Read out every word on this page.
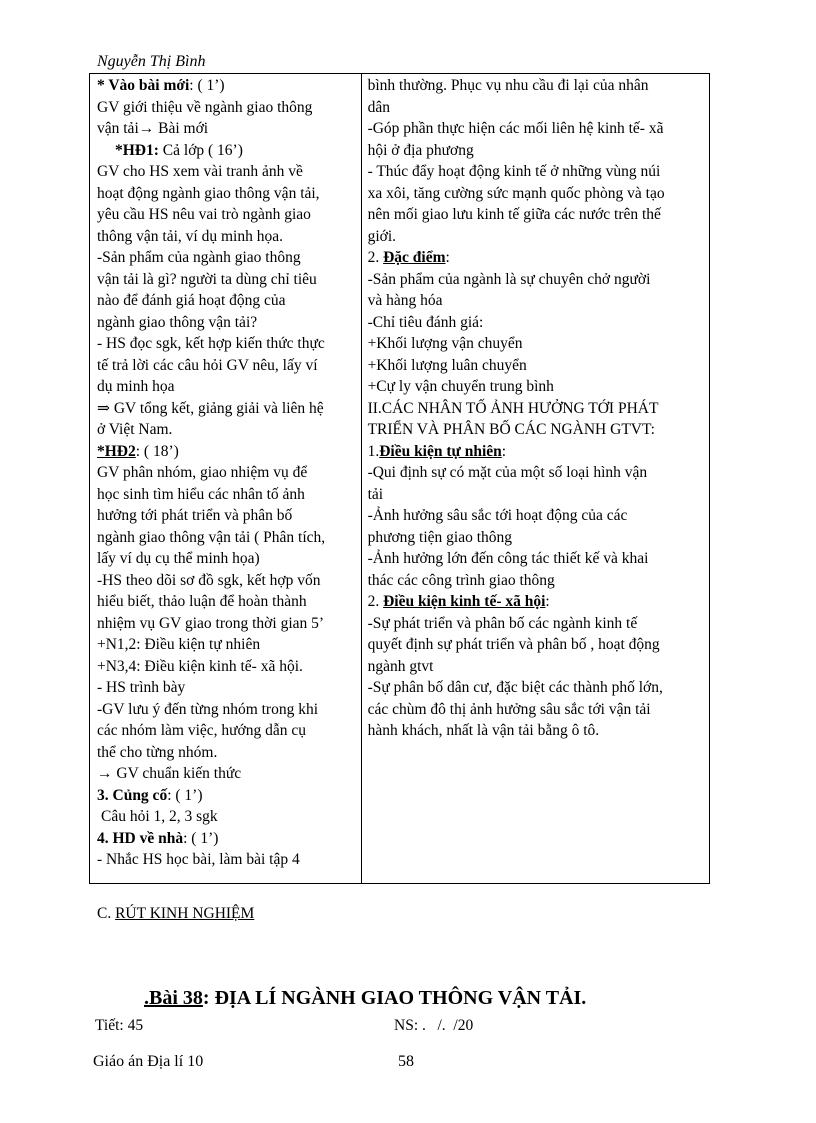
Nguyễn Thị Bình
* Vào bài mới: ( 1’)
GV giới thiệu về ngành giao thông
vận tải→ Bài mới
*HĐ1: Cả lớp ( 16’)
GV cho HS xem vài tranh ảnh về
hoạt động ngành giao thông vận tải,
yêu cầu HS nêu vai trò ngành giao
thông vận tải, ví dụ minh họa.
-Sản phẩm của ngành giao thông
vận tải là gì? người ta dùng chỉ tiêu
nào để đánh giá hoạt động của
ngành giao thông vận tải?
- HS đọc sgk, kết hợp kiến thức thực
tế trả lời các câu hỏi GV nêu, lấy ví
dụ minh họa
⇒ GV tổng kết, giảng giải và liên hệ
ở Việt Nam.
*HĐ2: ( 18’)
GV phân nhóm, giao nhiệm vụ để
học sinh tìm hiểu các nhân tố ảnh
hưởng tới phát triển và phân bố
ngành giao thông vận tải ( Phân tích,
lấy ví dụ cụ thể minh họa)
-HS theo dõi sơ đồ sgk, kết hợp vốn
hiểu biết, thảo luận để hoàn thành
nhiệm vụ GV giao trong thời gian 5’
+N1,2: Điều kiện tự nhiên
+N3,4: Điều kiện kinh tế- xã hội.
- HS trình bày
-GV lưu ý đến từng nhóm trong khi
các nhóm làm việc, hướng dẫn cụ
thể cho từng nhóm.
→ GV chuẩn kiến thức
3. Củng cố: ( 1’)
Câu hỏi 1, 2, 3 sgk
4. HD về nhà: ( 1’)
- Nhắc HS học bài, làm bài tập 4
bình thường. Phục vụ nhu cầu đi lại của nhân
dân
-Góp phần thực hiện các mối liên hệ kinh tế- xã
hội ở địa phương
- Thúc đẩy hoạt động kinh tế ở những vùng núi
xa xôi, tăng cường sức mạnh quốc phòng và tạo
nên mối giao lưu kinh tế giữa các nước trên thế
giới.
2. Đặc điểm:
-Sản phẩm của ngành là sự chuyên chở người
và hàng hóa
-Chỉ tiêu đánh giá:
+Khối lượng vận chuyển
+Khối lượng luân chuyển
+Cự ly vận chuyển trung bình
II.CÁC NHÂN TỐ ẢNH HƯỞNG TỚI PHÁT
TRIỂN VÀ PHÂN BỐ CÁC NGÀNH GTVT:
1.Điều kiện tự nhiên:
-Qui định sự có mặt của một số loại hình vận
tải
-Ảnh hưởng sâu sắc tới hoạt động của các
phương tiện giao thông
-Ảnh hưởng lớn đến công tác thiết kế và khai
thác các công trình giao thông
2. Điều kiện kinh tế- xã hội:
-Sự phát triển và phân bố các ngành kinh tế
quyết định sự phát triển và phân bố , hoạt động
ngành gtvt
-Sự phân bố dân cư, đặc biệt các thành phố lớn,
các chùm đô thị ảnh hưởng sâu sắc tới vận tải
hành khách, nhất là vận tải bằng ô tô.
C. RÚT KINH NGHIỆM
.Bài 38: ĐỊA LÍ NGÀNH GIAO THÔNG VẬN TẢI.
Tiết: 45	NS: .   /.  /20
Giáo án Địa lí 10	58
